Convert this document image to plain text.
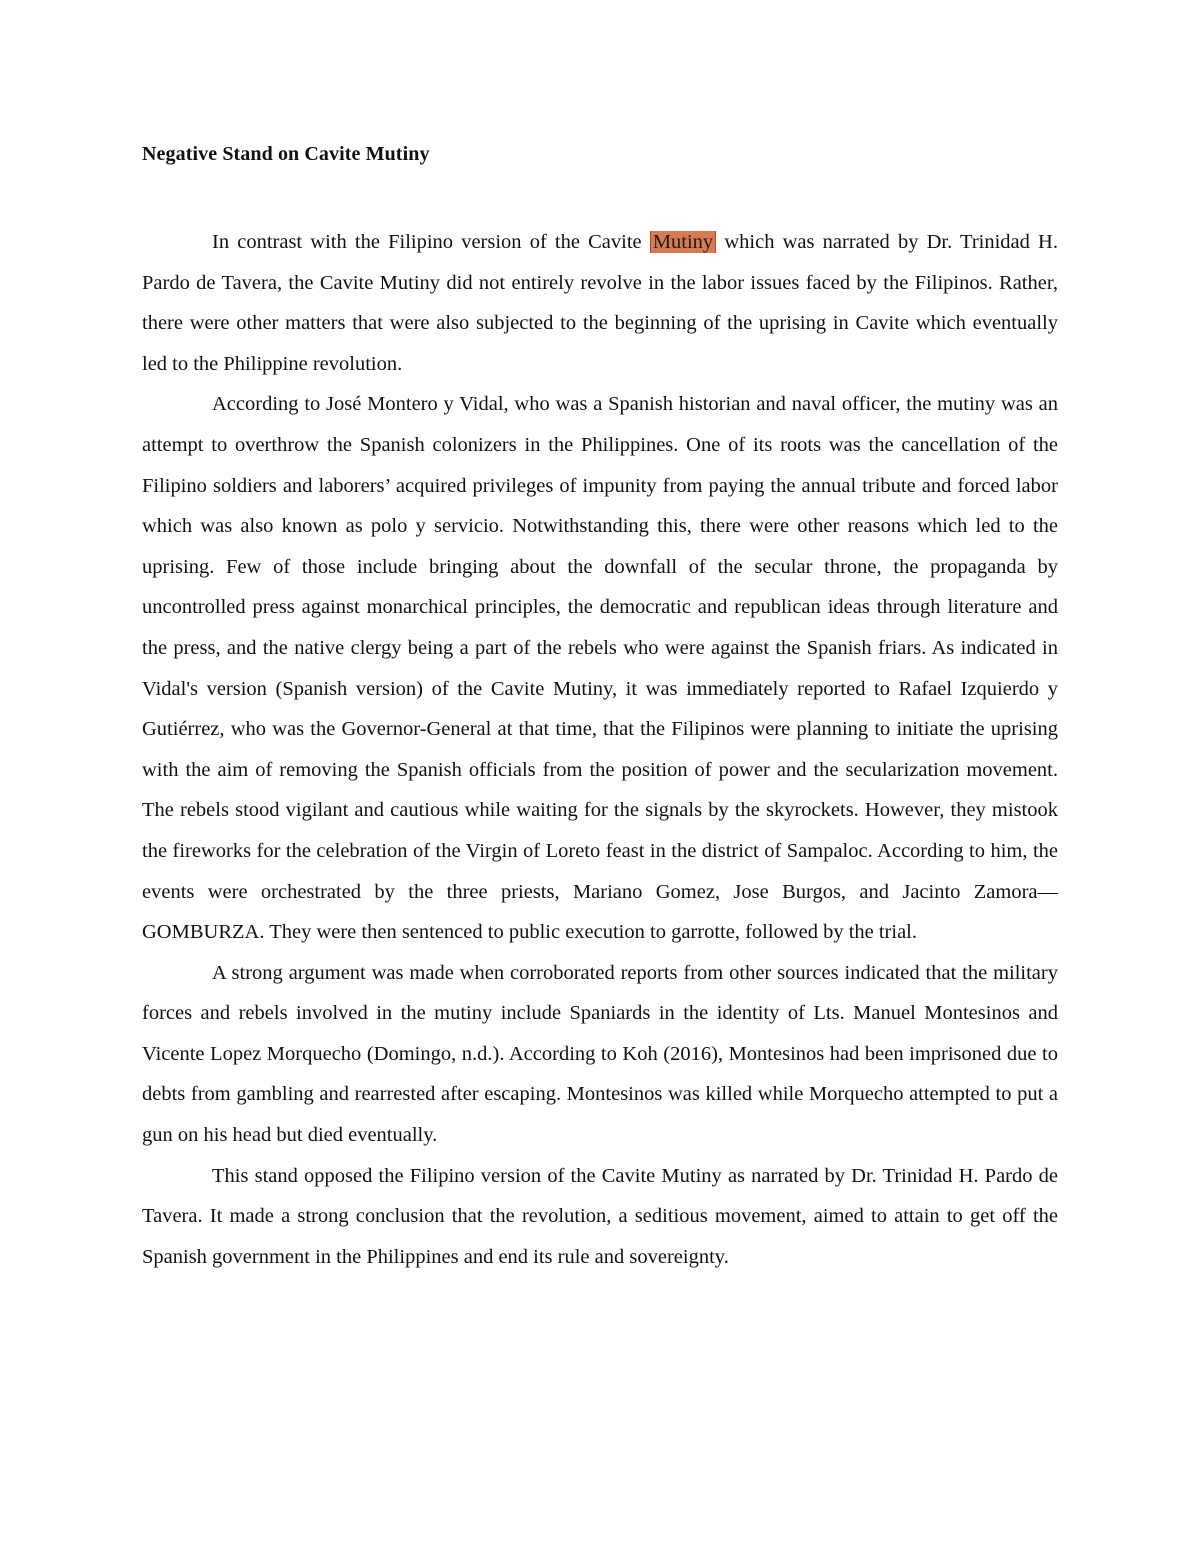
Negative Stand on Cavite Mutiny

In contrast with the Filipino version of the Cavite Mutiny which was narrated by Dr. Trinidad H. Pardo de Tavera, the Cavite Mutiny did not entirely revolve in the labor issues faced by the Filipinos. Rather, there were other matters that were also subjected to the beginning of the uprising in Cavite which eventually led to the Philippine revolution.

According to José Montero y Vidal, who was a Spanish historian and naval officer, the mutiny was an attempt to overthrow the Spanish colonizers in the Philippines. One of its roots was the cancellation of the Filipino soldiers and laborers’ acquired privileges of impunity from paying the annual tribute and forced labor which was also known as polo y servicio. Notwithstanding this, there were other reasons which led to the uprising. Few of those include bringing about the downfall of the secular throne, the propaganda by uncontrolled press against monarchical principles, the democratic and republican ideas through literature and the press, and the native clergy being a part of the rebels who were against the Spanish friars. As indicated in Vidal's version (Spanish version) of the Cavite Mutiny, it was immediately reported to Rafael Izquierdo y Gutiérrez, who was the Governor-General at that time, that the Filipinos were planning to initiate the uprising with the aim of removing the Spanish officials from the position of power and the secularization movement. The rebels stood vigilant and cautious while waiting for the signals by the skyrockets. However, they mistook the fireworks for the celebration of the Virgin of Loreto feast in the district of Sampaloc. According to him, the events were orchestrated by the three priests, Mariano Gomez, Jose Burgos, and Jacinto Zamora— GOMBURZA. They were then sentenced to public execution to garrotte, followed by the trial.

A strong argument was made when corroborated reports from other sources indicated that the military forces and rebels involved in the mutiny include Spaniards in the identity of Lts. Manuel Montesinos and Vicente Lopez Morquecho (Domingo, n.d.). According to Koh (2016), Montesinos had been imprisoned due to debts from gambling and rearrested after escaping. Montesinos was killed while Morquecho attempted to put a gun on his head but died eventually.

This stand opposed the Filipino version of the Cavite Mutiny as narrated by Dr. Trinidad H. Pardo de Tavera. It made a strong conclusion that the revolution, a seditious movement, aimed to attain to get off the Spanish government in the Philippines and end its rule and sovereignty.
